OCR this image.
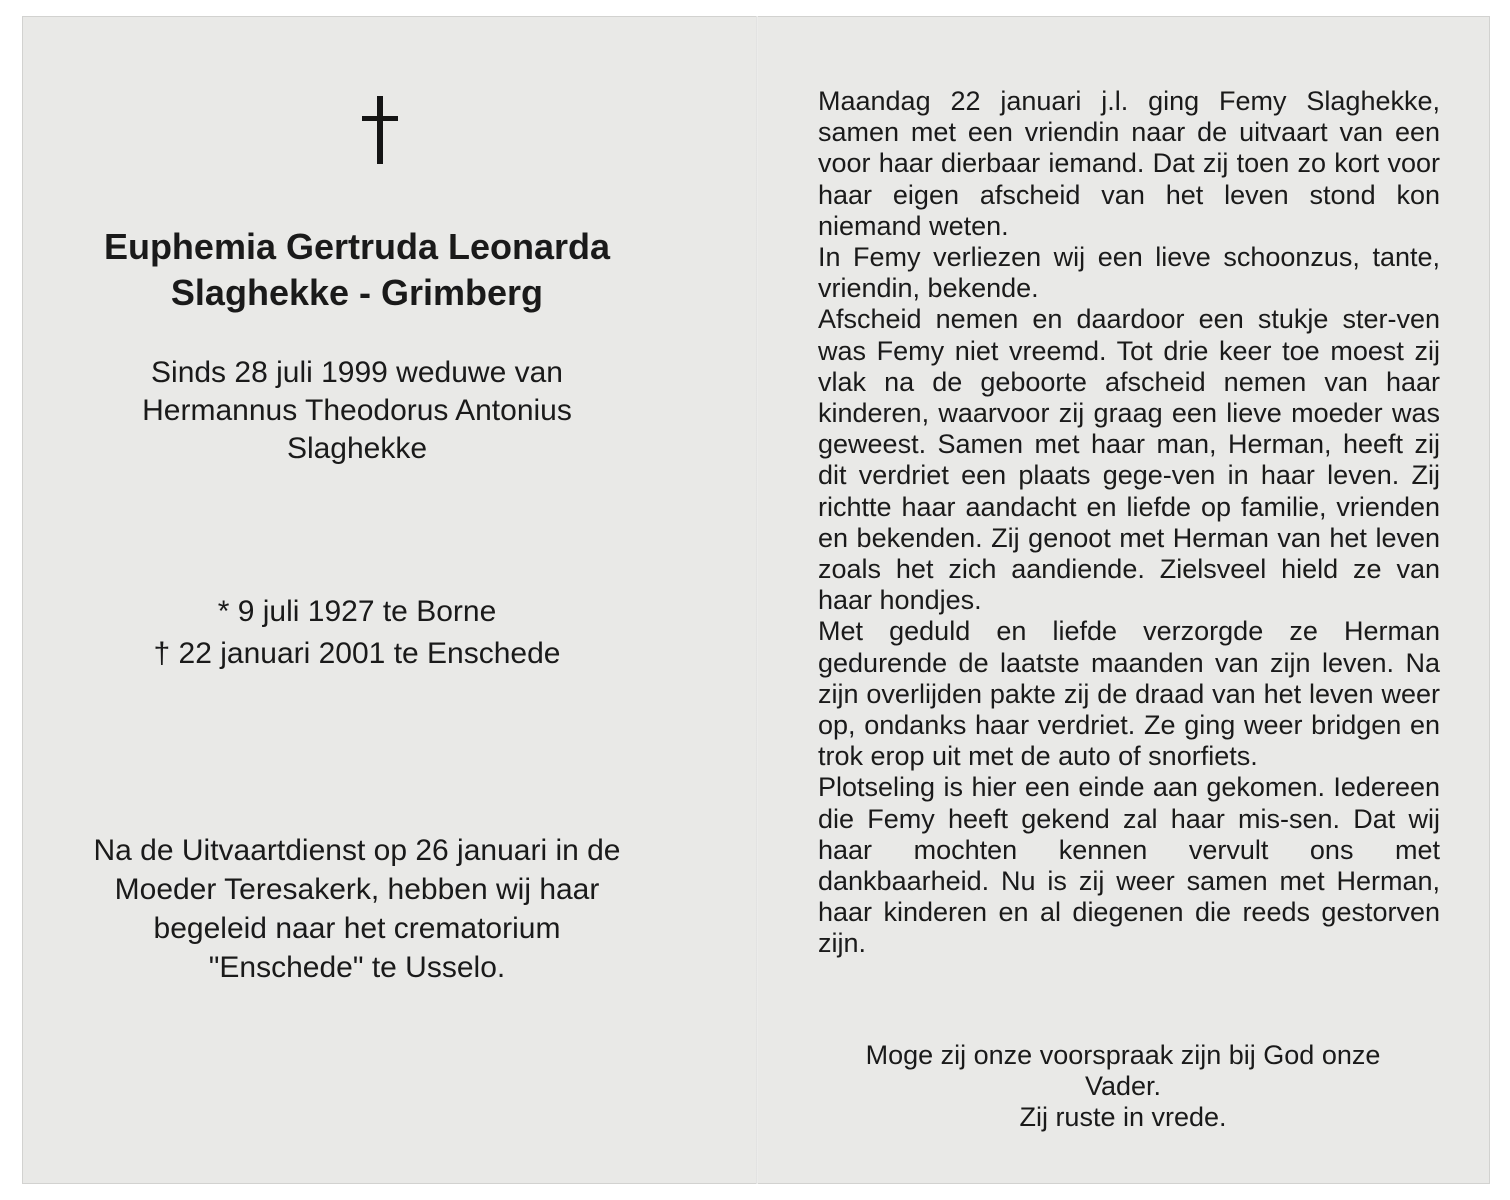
Euphemia Gertruda Leonarda
Slaghekke - Grimberg
Sinds 28 juli 1999 weduwe van
Hermannus Theodorus Antonius
Slaghekke
* 9 juli 1927 te Borne
† 22 januari 2001 te Enschede
Na de Uitvaartdienst op 26 januari in de
Moeder Teresakerk, hebben wij haar
begeleid naar het crematorium
"Enschede" te Usselo.

Maandag 22 januari j.l. ging Femy Slaghekke, samen met een vriendin naar de uitvaart van een voor haar dierbaar iemand. Dat zij toen zo kort voor haar eigen afscheid van het leven stond kon niemand weten.

In Femy verliezen wij een lieve schoonzus, tante, vriendin, bekende.

Afscheid nemen en daardoor een stukje ster-ven was Femy niet vreemd. Tot drie keer toe moest zij vlak na de geboorte afscheid nemen van haar kinderen, waarvoor zij graag een lieve moeder was geweest. Samen met haar man, Herman, heeft zij dit verdriet een plaats gege-ven in haar leven. Zij richtte haar aandacht en liefde op familie, vrienden en bekenden. Zij genoot met Herman van het leven zoals het zich aandiende. Zielsveel hield ze van haar hondjes.

Met geduld en liefde verzorgde ze Herman gedurende de laatste maanden van zijn leven. Na zijn overlijden pakte zij de draad van het leven weer op, ondanks haar verdriet. Ze ging weer bridgen en trok erop uit met de auto of snorfiets.

Plotseling is hier een einde aan gekomen. Iedereen die Femy heeft gekend zal haar mis-sen. Dat wij haar mochten kennen vervult ons met dankbaarheid. Nu is zij weer samen met Herman, haar kinderen en al diegenen die reeds gestorven zijn.

Moge zij onze voorspraak zijn bij God onze
Vader.
Zij ruste in vrede.
